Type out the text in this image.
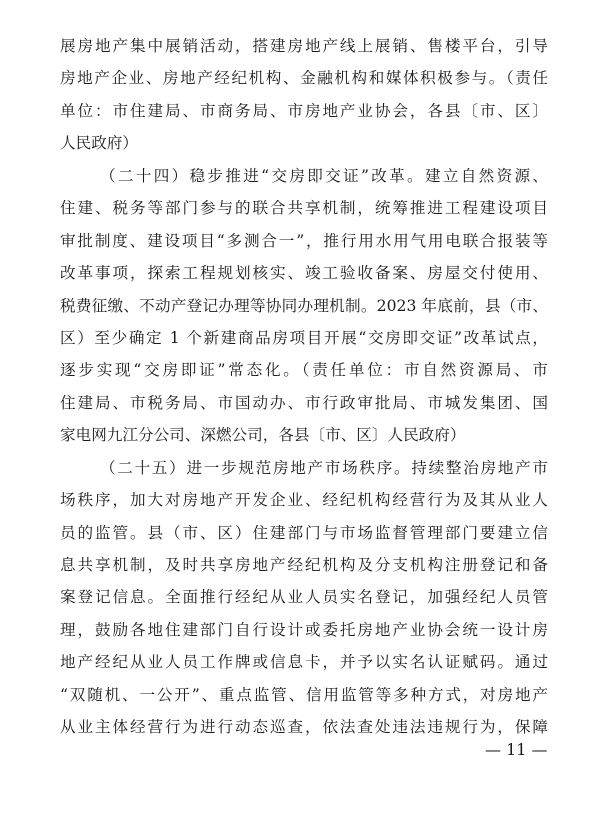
展房地产集中展销活动，搭建房地产线上展销、售楼平台，引导
房地产企业、房地产经纪机构、金融机构和媒体积极参与。（责任
单位：市住建局、市商务局、市房地产业协会，各县〔市、区〕
人民政府）
（二十四）稳步推进“交房即交证”改革。建立自然资源、
住建、税务等部门参与的联合共享机制，统筹推进工程建设项目
审批制度、建设项目“多测合一”，推行用水用气用电联合报装等
改革事项，探索工程规划核实、竣工验收备案、房屋交付使用、
税费征缴、不动产登记办理等协同办理机制。2023 年底前，县（市、
区）至少确定 1 个新建商品房项目开展“交房即交证”改革试点，
逐步实现“交房即证”常态化。（责任单位：市自然资源局、市
住建局、市税务局、市国动办、市行政审批局、市城发集团、国
家电网九江分公司、深燃公司，各县〔市、区〕人民政府）
（二十五）进一步规范房地产市场秩序。持续整治房地产市
场秩序，加大对房地产开发企业、经纪机构经营行为及其从业人
员的监管。县（市、区）住建部门与市场监督管理部门要建立信
息共享机制，及时共享房地产经纪机构及分支机构注册登记和备
案登记信息。全面推行经纪从业人员实名登记，加强经纪人员管
理，鼓励各地住建部门自行设计或委托房地产业协会统一设计房
地产经纪从业人员工作牌或信息卡，并予以实名认证赋码。通过
“双随机、一公开”、重点监管、信用监管等多种方式，对房地产
从业主体经营行为进行动态巡查，依法查处违法违规行为，保障
— 11 —
